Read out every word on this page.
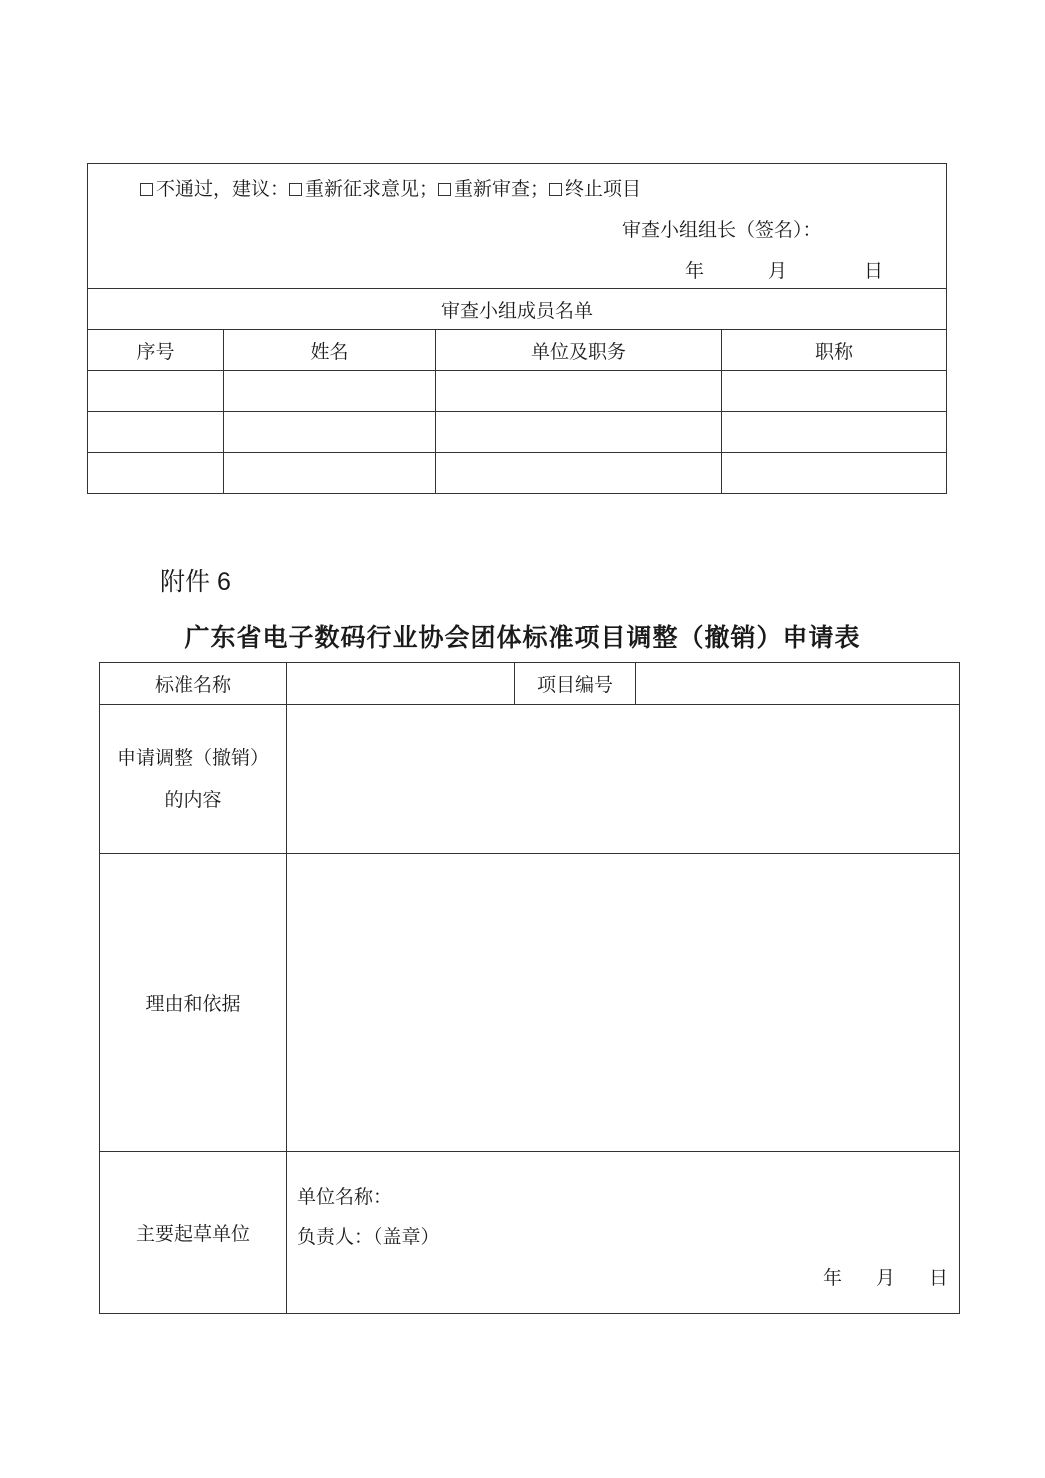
不通过，建议： 重新征求意见； 重新审查； 终止项目
审查小组组长（签名）：
年 月 日			

审查小组成员名单			
序号	姓名	单位及职务	职称

附件 6
广东省电子数码行业协会团体标准项目调整（撤销）申请表
标准名称		项目编号	

申请调整（撤销）
的内容			

理由和依据			
主要起草单位	单位名称：
负责人：（盖章）
年 月 日		
